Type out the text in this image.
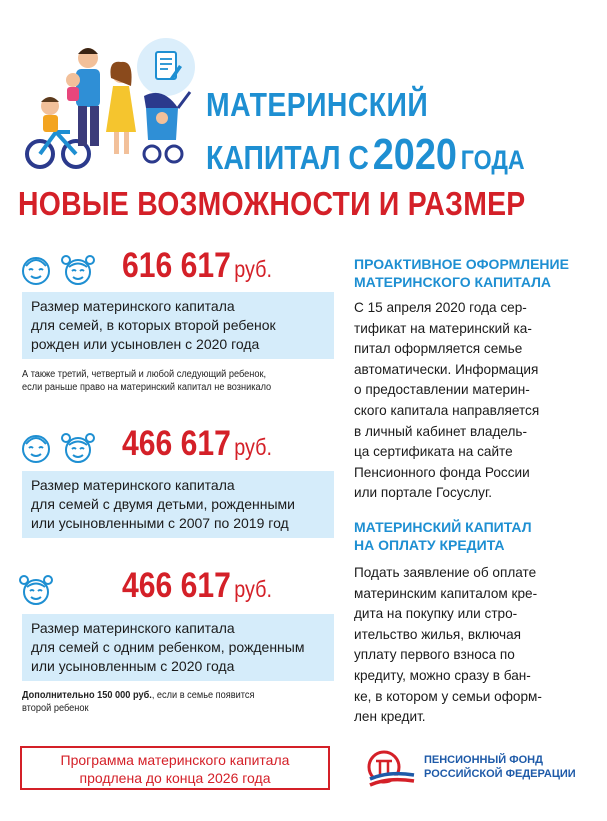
МАТЕРИНСКИЙ
КАПИТАЛ С 2020 ГОДА
НОВЫЕ ВОЗМОЖНОСТИ И РАЗМЕР
616 617 руб.
Размер материнского капитала
для семей, в которых второй ребенок
рожден или усыновлен с 2020 года
А также третий, четвертый и любой следующий ребенок,
если раньше право на материнский капитал не возникало
466 617 руб.
Размер материнского капитала
для семей с двумя детьми, рожденными
или усыновленными с 2007 по 2019 год
466 617 руб.
Размер материнского капитала
для семей с одним ребенком, рожденным
или усыновленным с 2020 года
Дополнительно 150 000 руб., если в семье появится
второй ребенок
ПРОАКТИВНОЕ ОФОРМЛЕНИЕ
МАТЕРИНСКОГО КАПИТАЛА
С 15 апреля 2020 года сер-
тификат на материнский ка-
питал оформляется семье
автоматически. Информация
о предоставлении материн-
ского капитала направляется
в личный кабинет владель-
ца сертификата на сайте
Пенсионного фонда России
или портале Госуслуг.
МАТЕРИНСКИЙ КАПИТАЛ
НА ОПЛАТУ КРЕДИТА
Подать заявление об оплате
материнским капиталом кре-
дита на покупку или стро-
ительство жилья, включая
уплату первого взноса по
кредиту, можно сразу в бан-
ке, в котором у семьи оформ-
лен кредит.
Программа материнского капитала
продлена до конца 2026 года
ПЕНСИОННЫЙ ФОНД
РОССИЙСКОЙ ФЕДЕРАЦИИ
